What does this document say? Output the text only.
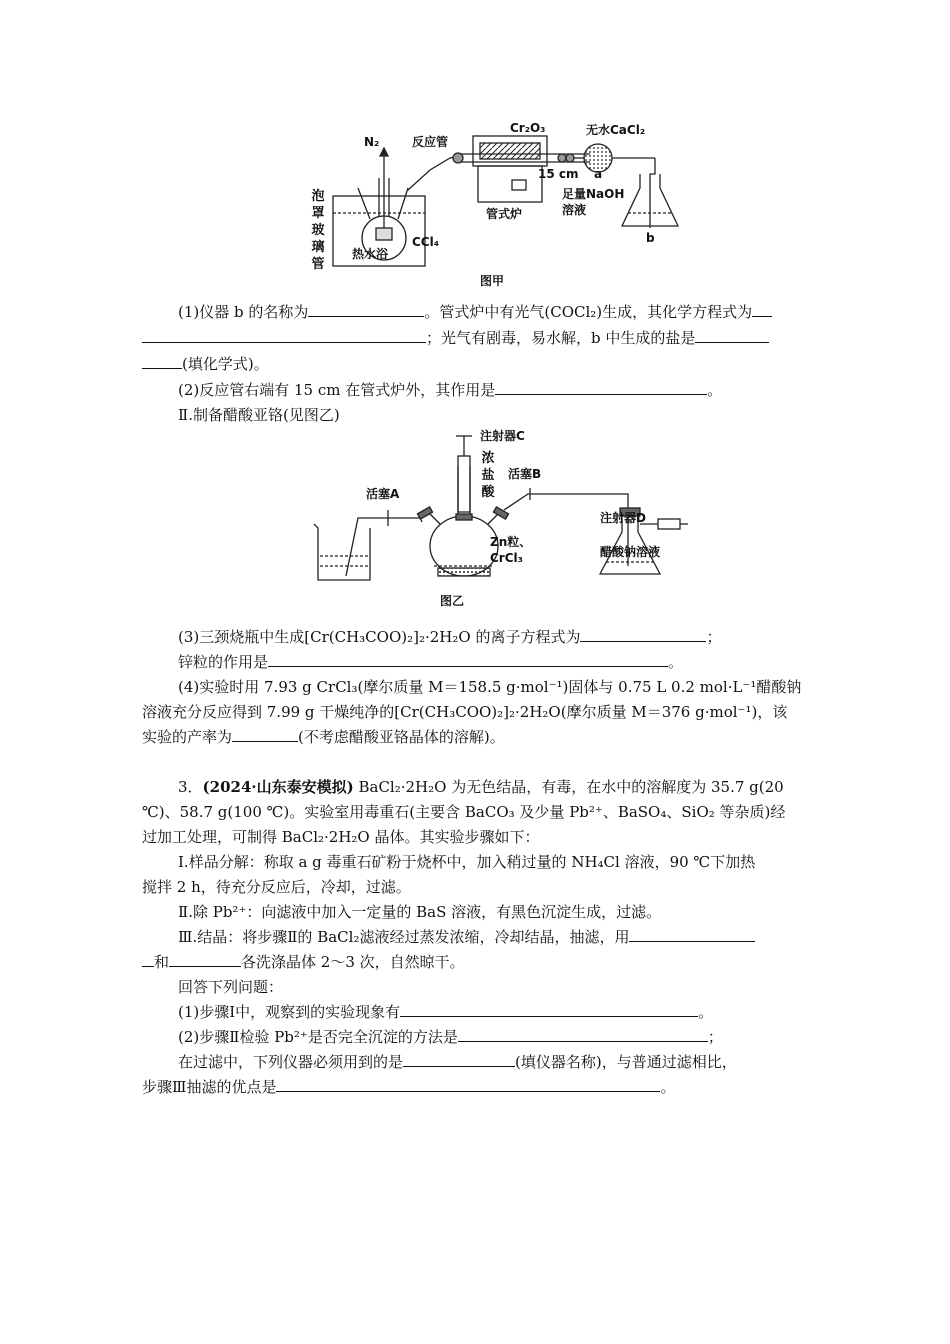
N₂	反应管
Cr₂O₃	无水CaCl₂
a
15 cm
管式炉
足量NaOH
溶液
b
泡罩玻璃管
CCl₄
热水浴
图甲
(1)仪器 b 的名称为	。管式炉中有光气(COCl₂)生成，其化学方程式为
；光气有剧毒，易水解，b 中生成的盐是
(填化学式)。
(2)反应管右端有 15 cm 在管式炉外，其作用是	。
Ⅱ.制备醋酸亚铬(见图乙)
注射器C
浓盐酸
活塞B
活塞A
注射器D
Zn粒、
CrCl₃	醋酸钠溶液
图乙
(3)三颈烧瓶中生成[Cr(CH₃COO)₂]₂·2H₂O 的离子方程式为	；
锌粒的作用是	。
(4)实验时用 7.93 g CrCl₃(摩尔质量 M＝158.5 g·mol⁻¹)固体与 0.75 L 0.2 mol·L⁻¹醋酸钠
溶液充分反应得到 7.99 g 干燥纯净的[Cr(CH₃COO)₂]₂·2H₂O(摩尔质量 M＝376 g·mol⁻¹)，该
实验的产率为	(不考虑醋酸亚铬晶体的溶解)。
3．(2024·山东泰安模拟) BaCl₂·2H₂O 为无色结晶，有毒，在水中的溶解度为 35.7 g(20
℃)、58.7 g(100 ℃)。实验室用毒重石(主要含 BaCO₃ 及少量 Pb²⁺、BaSO₄、SiO₂ 等杂质)经
过加工处理，可制得 BaCl₂·2H₂O 晶体。其实验步骤如下：
Ⅰ.样品分解：称取 a g 毒重石矿粉于烧杯中，加入稍过量的 NH₄Cl 溶液，90 ℃下加热
搅拌 2 h，待充分反应后，冷却，过滤。
Ⅱ.除 Pb²⁺：向滤液中加入一定量的 BaS 溶液，有黑色沉淀生成，过滤。
Ⅲ.结晶：将步骤Ⅱ的 BaCl₂滤液经过蒸发浓缩，冷却结晶，抽滤，用
和	各洗涤晶体 2～3 次，自然晾干。
回答下列问题：
(1)步骤Ⅰ中，观察到的实验现象有	。
(2)步骤Ⅱ检验 Pb²⁺是否完全沉淀的方法是	；
在过滤中，下列仪器必须用到的是	(填仪器名称)，与普通过滤相比，
步骤Ⅲ抽滤的优点是	。
